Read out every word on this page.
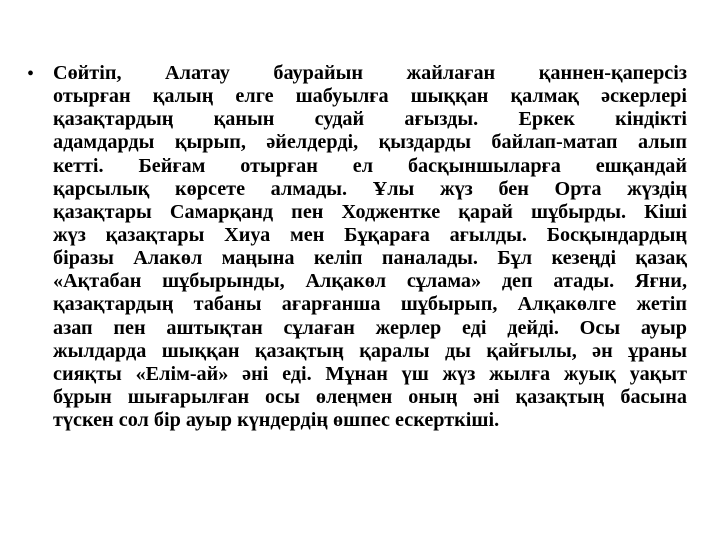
• Сөйтіп, Алатау баурайын жайлаған қаннен-қаперсіз
отырған қалың елге шабуылға шыққан қалмақ әскерлері
қазақтардың қанын судай ағызды. Еркек кіндікті
адамдарды қырып, әйелдерді, қыздарды байлап-матап алып
кетті. Бейғам отырған ел басқыншыларға ешқандай
қарсылық көрсете алмады. Ұлы жүз бен Орта жүздің
қазақтары Самарқанд пен Ходжентке қарай шұбырды. Кіші
жүз қазақтары Хиуа мен Бұқараға ағылды. Босқындардың
біразы Алакөл маңына келіп паналады. Бұл кезеңді қазақ
«Ақтабан шұбырынды, Алқакөл сұлама» деп атады. Яғни,
қазақтардың табаны ағарғанша шұбырып, Алқакөлге жетіп
азап пен аштықтан сұлаған жерлер еді дейді. Осы ауыр
жылдарда шыққан қазақтың қаралы ды қайғылы, ән ұраны
сияқты «Елім-ай» әні еді. Мұнан үш жүз жылға жуық уақыт
бұрын шығарылған осы өлеңмен оның әні қазақтың басына
түскен сол бір ауыр күндердің өшпес ескерткіші.
